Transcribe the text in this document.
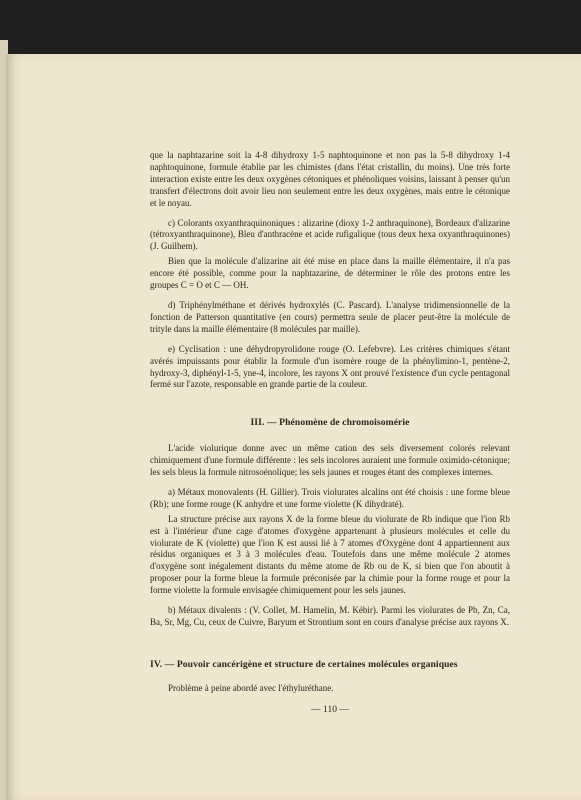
que la naphtazarine soit la 4-8 dihydroxy 1-5 naphtoquinone et non pas la 5-8 dihydroxy 1-4 naphtoquinone, formule établie par les chimistes (dans l'état cristallin, du moins). Une très forte interaction existe entre les deux oxygènes cétoniques et phénoliques voisins, laissant à penser qu'un transfert d'électrons doit avoir lieu non seulement entre les deux oxygènes, mais entre le cétonique et le noyau.

c) Colorants oxyanthraquinoniques : alizarine (dioxy 1-2 anthraquinone), Bordeaux d'alizarine (tétroxyanthraquinone), Bleu d'anthracène et acide rufigalique (tous deux hexa oxyanthraquinones) (J. Guilhem).

Bien que la molécule d'alizarine ait été mise en place dans la maille élémentaire, il n'a pas encore été possible, comme pour la naphtazarine, de déterminer le rôle des protons entre les groupes C = O et C — OH.

d) Triphénylméthane et dérivés hydroxylés (C. Pascard). L'analyse tridimensionnelle de la fonction de Patterson quantitative (en cours) permettra seule de placer peut-être la molécule de trityle dans la maille élémentaire (8 molécules par maille).

e) Cyclisation : une déhydropyrolidone rouge (O. Lefebvre). Les critères chimiques s'étant avérés impuissants pour établir la formule d'un isomère rouge de la phénylimino-1, pentène-2, hydroxy-3, diphényl-1-5, yne-4, incolore, les rayons X ont prouvé l'existence d'un cycle pentagonal fermé sur l'azote, responsable en grande partie de la couleur.

III. — Phénomène de chromoisomérie

L'acide violurique donne avec un même cation des sels diversement colorés relevant chimiquement d'une formule différente : les sels incolores auraient une formule oximido-cétonique; les sels bleus la formule nitrosoénolique; les sels jaunes et rouges étant des complexes internes.

a) Métaux monovalents (H. Gillier). Trois violurates alcalins ont été choisis : une forme bleue (Rb); une forme rouge (K anhydre et une forme violette (K dihydraté).

La structure précise aux rayons X de la forme bleue du violurate de Rb indique que l'ion Rb est à l'intérieur d'une cage d'atomes d'oxygène appartenant à plusieurs molécules et celle du violurate de K (violette) que l'ion K est aussi lié à 7 atomes d'Oxygène dont 4 appartiennent aux résidus organiques et 3 à 3 molécules d'eau. Toutefois dans une même molécule 2 atomes d'oxygène sont inégalement distants du même atome de Rb ou de K, si bien que l'on aboutit à proposer pour la forme bleue la formule préconisée par la chimie pour la forme rouge et pour la forme violette la formule envisagée chimiquement pour les sels jaunes.

b) Métaux divalents : (V. Collet, M. Hamelin, M. Kébir). Parmi les violurates de Pb, Zn, Ca, Ba, Sr, Mg, Cu, ceux de Cuivre, Baryum et Strontium sont en cours d'analyse précise aux rayons X.

IV. — Pouvoir cancérigène et structure de certaines molécules organiques

Problème à peine abordé avec l'éthyluréthane.

— 110 —
